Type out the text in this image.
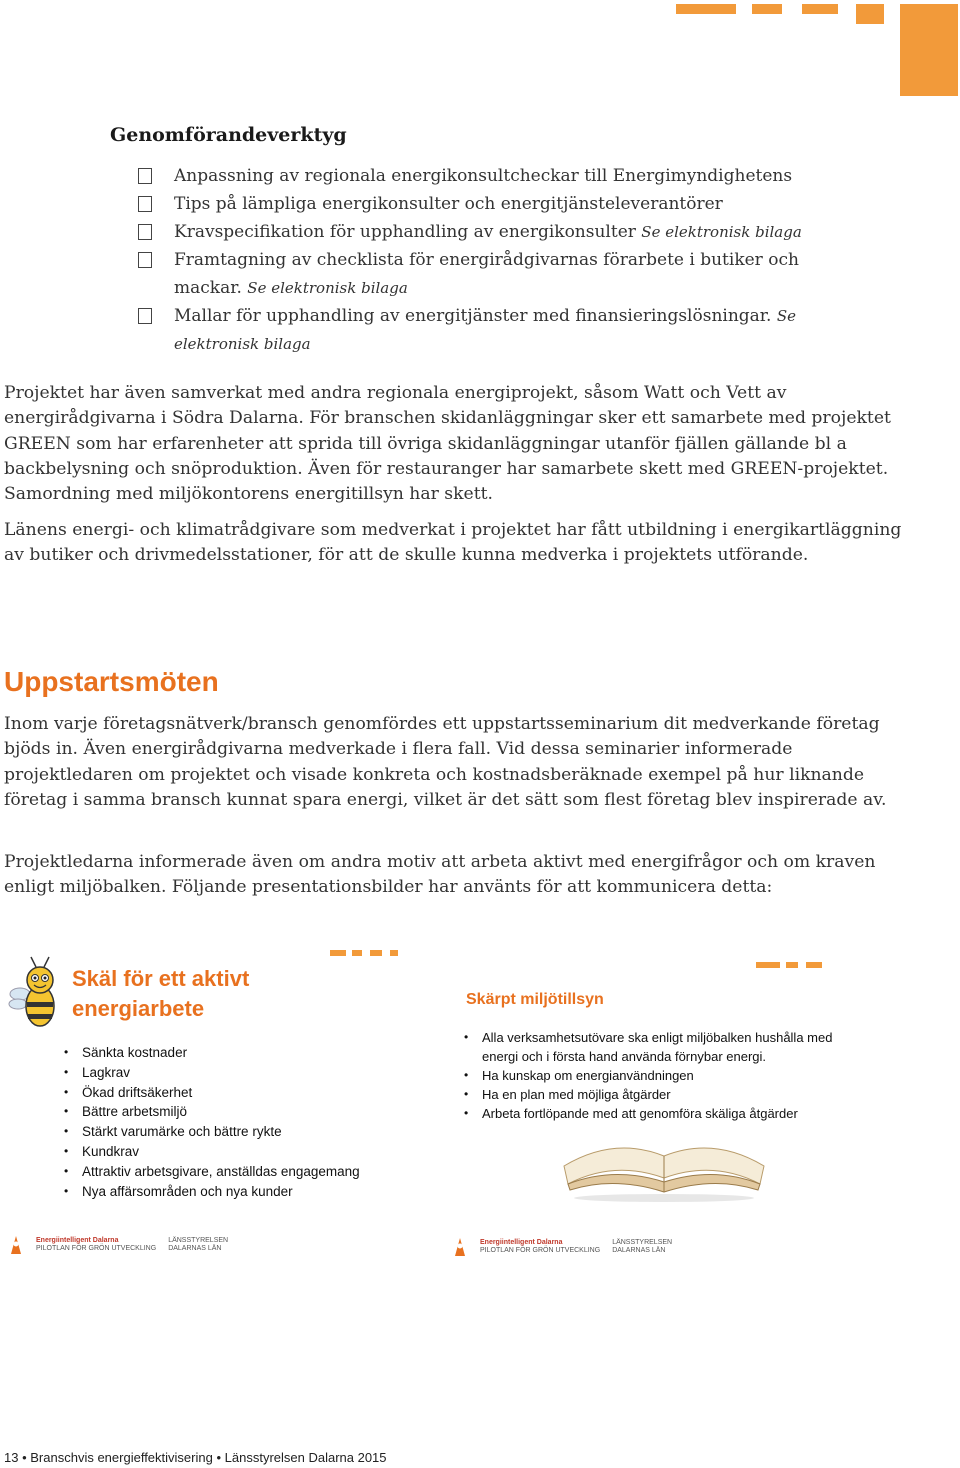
Genomförandeverktyg
Anpassning av regionala energikonsultcheckar till Energimyndighetens
Tips på lämpliga energikonsulter och energitjänsteleverantörer
Kravspecifikation för upphandling av energikonsulter Se elektronisk bilaga
Framtagning av checklista för energirådgivarnas förarbete i butiker och mackar. Se elektronisk bilaga
Mallar för upphandling av energitjänster med finansieringslösningar. Se elektronisk bilaga

Projektet har även samverkat med andra regionala energiprojekt, såsom Watt och Vett av energirådgivarna i Södra Dalarna. För branschen skidanläggningar sker ett samarbete med projektet GREEN som har erfarenheter att sprida till övriga skidanläggningar utanför fjällen gällande bl a backbelysning och snöproduktion. Även för restauranger har samarbete skett med GREEN-projektet. Samordning med miljökontorens energitillsyn har skett.

Länens energi- och klimatrådgivare som medverkat i projektet har fått utbildning i energikartläggning av butiker och drivmedelsstationer, för att de skulle kunna medverka i projektets utförande.

Uppstartsmöten

Inom varje företagsnätverk/bransch genomfördes ett uppstartsseminarium dit medverkande företag bjöds in. Även energirådgivarna medverkade i flera fall. Vid dessa seminarier informerade projektledaren om projektet och visade konkreta och kostnadsberäknade exempel på hur liknande företag i samma bransch kunnat spara energi, vilket är det sätt som flest företag blev inspirerade av.

Projektledarna informerade även om andra motiv att arbeta aktivt med energifrågor och om kraven enligt miljöbalken. Följande presentationsbilder har använts för att kommunicera detta:

Skäl för ett aktivt energiarbete
• Sänkta kostnader
• Lagkrav
• Ökad driftsäkerhet
• Bättre arbetsmiljö
• Stärkt varumärke och bättre rykte
• Kundkrav
• Attraktiv arbetsgivare, anställdas engagemang
• Nya affärsområden och nya kunder
Energiintelligent Dalarna
PILOTLAN FÖR GRÖN UTVECKLING
LÄNSSTYRELSEN
DALARNAS LÄN
Skärpt miljötillsyn
• Alla verksamhetsutövare ska enligt miljöbalken hushålla med energi och i första hand använda förnybar energi.
• Ha kunskap om energianvändningen
• Ha en plan med möjliga åtgärder
• Arbeta fortlöpande med att genomföra skäliga åtgärder
Energiintelligent Dalarna
PILOTLAN FÖR GRÖN UTVECKLING
LÄNSSTYRELSEN
DALARNAS LÄN
13 • Branschvis energieffektivisering • Länsstyrelsen Dalarna 2015
